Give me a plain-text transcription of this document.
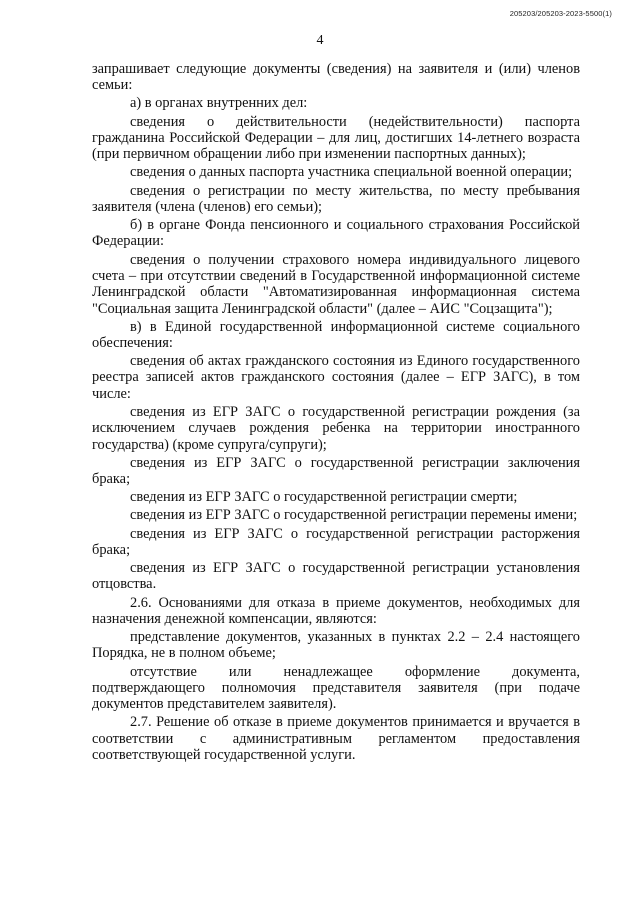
205203/205203-2023-5500(1)
4

запрашивает следующие документы (сведения) на заявителя и (или) членов семьи:

а) в органах внутренних дел:

сведения о действительности (недействительности) паспорта гражданина Российской Федерации – для лиц, достигших 14-летнего возраста (при первичном обращении либо при изменении паспортных данных);

сведения о данных паспорта участника специальной военной операции;

сведения о регистрации по месту жительства, по месту пребывания заявителя (члена (членов) его семьи);

б) в органе Фонда пенсионного и социального страхования Российской Федерации:

сведения о получении страхового номера индивидуального лицевого счета – при отсутствии сведений в Государственной информационной системе Ленинградской области "Автоматизированная информационная система "Социальная защита Ленинградской области" (далее – АИС "Соцзащита");

в) в Единой государственной информационной системе социального обеспечения:

сведения об актах гражданского состояния из Единого государственного реестра записей актов гражданского состояния (далее – ЕГР ЗАГС), в том числе:

сведения из ЕГР ЗАГС о государственной регистрации рождения (за исключением случаев рождения ребенка на территории иностранного государства) (кроме супруга/супруги);

сведения из ЕГР ЗАГС о государственной регистрации заключения брака;

сведения из ЕГР ЗАГС о государственной регистрации смерти;

сведения из ЕГР ЗАГС о государственной регистрации перемены имени;

сведения из ЕГР ЗАГС о государственной регистрации расторжения брака;

сведения из ЕГР ЗАГС о государственной регистрации установления отцовства.

2.6. Основаниями для отказа в приеме документов, необходимых для назначения денежной компенсации, являются:

представление документов, указанных в пунктах 2.2 – 2.4 настоящего Порядка, не в полном объеме;

отсутствие или ненадлежащее оформление документа, подтверждающего полномочия представителя заявителя (при подаче документов представителем заявителя).

2.7. Решение об отказе в приеме документов принимается и вручается в соответствии с административным регламентом предоставления соответствующей государственной услуги.
